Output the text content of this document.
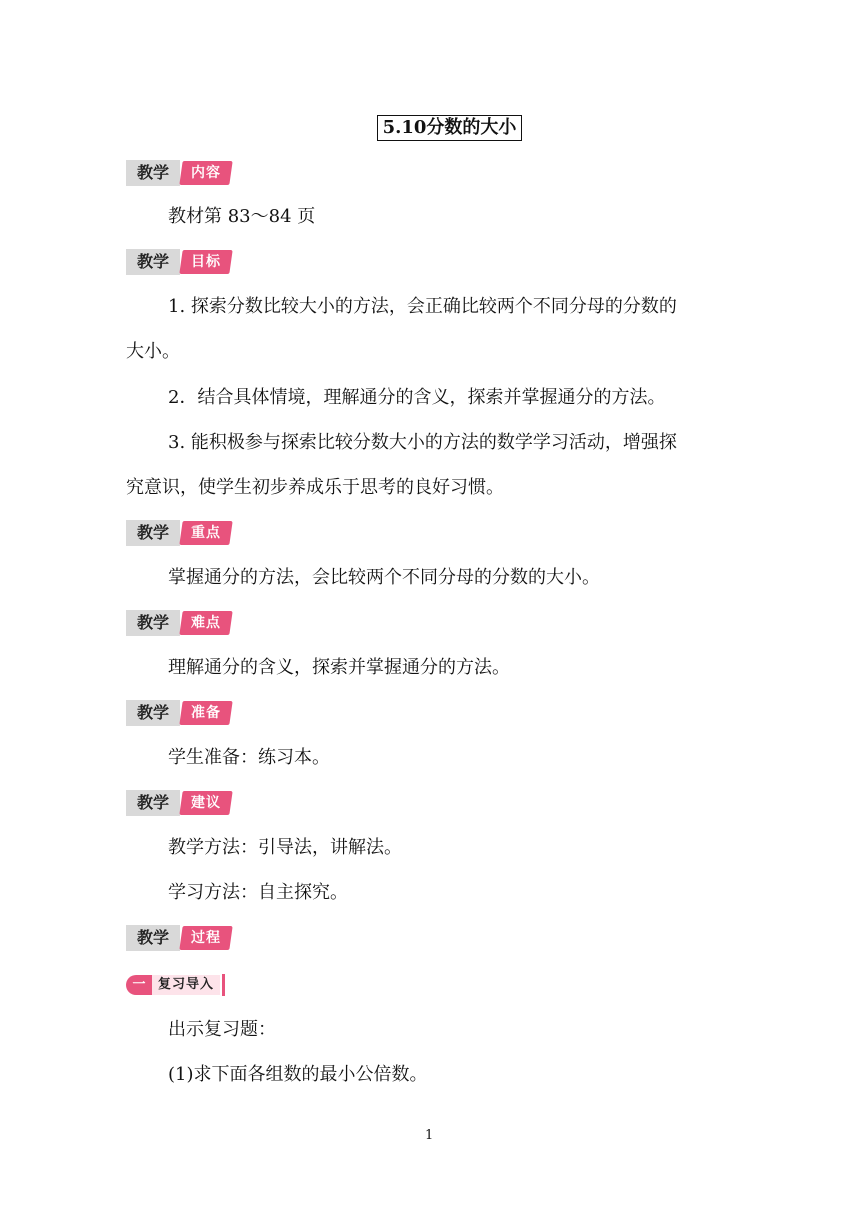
5.10分数的大小
教学	内容
教材第 83～84 页
教学	目标
1. 探索分数比较大小的方法，会正确比较两个不同分母的分数的
大小。
2．结合具体情境，理解通分的含义，探索并掌握通分的方法。
3. 能积极参与探索比较分数大小的方法的数学学习活动，增强探
究意识，使学生初步养成乐于思考的良好习惯。
教学	重点
掌握通分的方法，会比较两个不同分母的分数的大小。
教学	难点
理解通分的含义，探索并掌握通分的方法。
教学	准备
学生准备：练习本。
教学	建议
教学方法：引导法，讲解法。
学习方法：自主探究。
教学	过程
一 复习导入
出示复习题：
(1)求下面各组数的最小公倍数。
1
